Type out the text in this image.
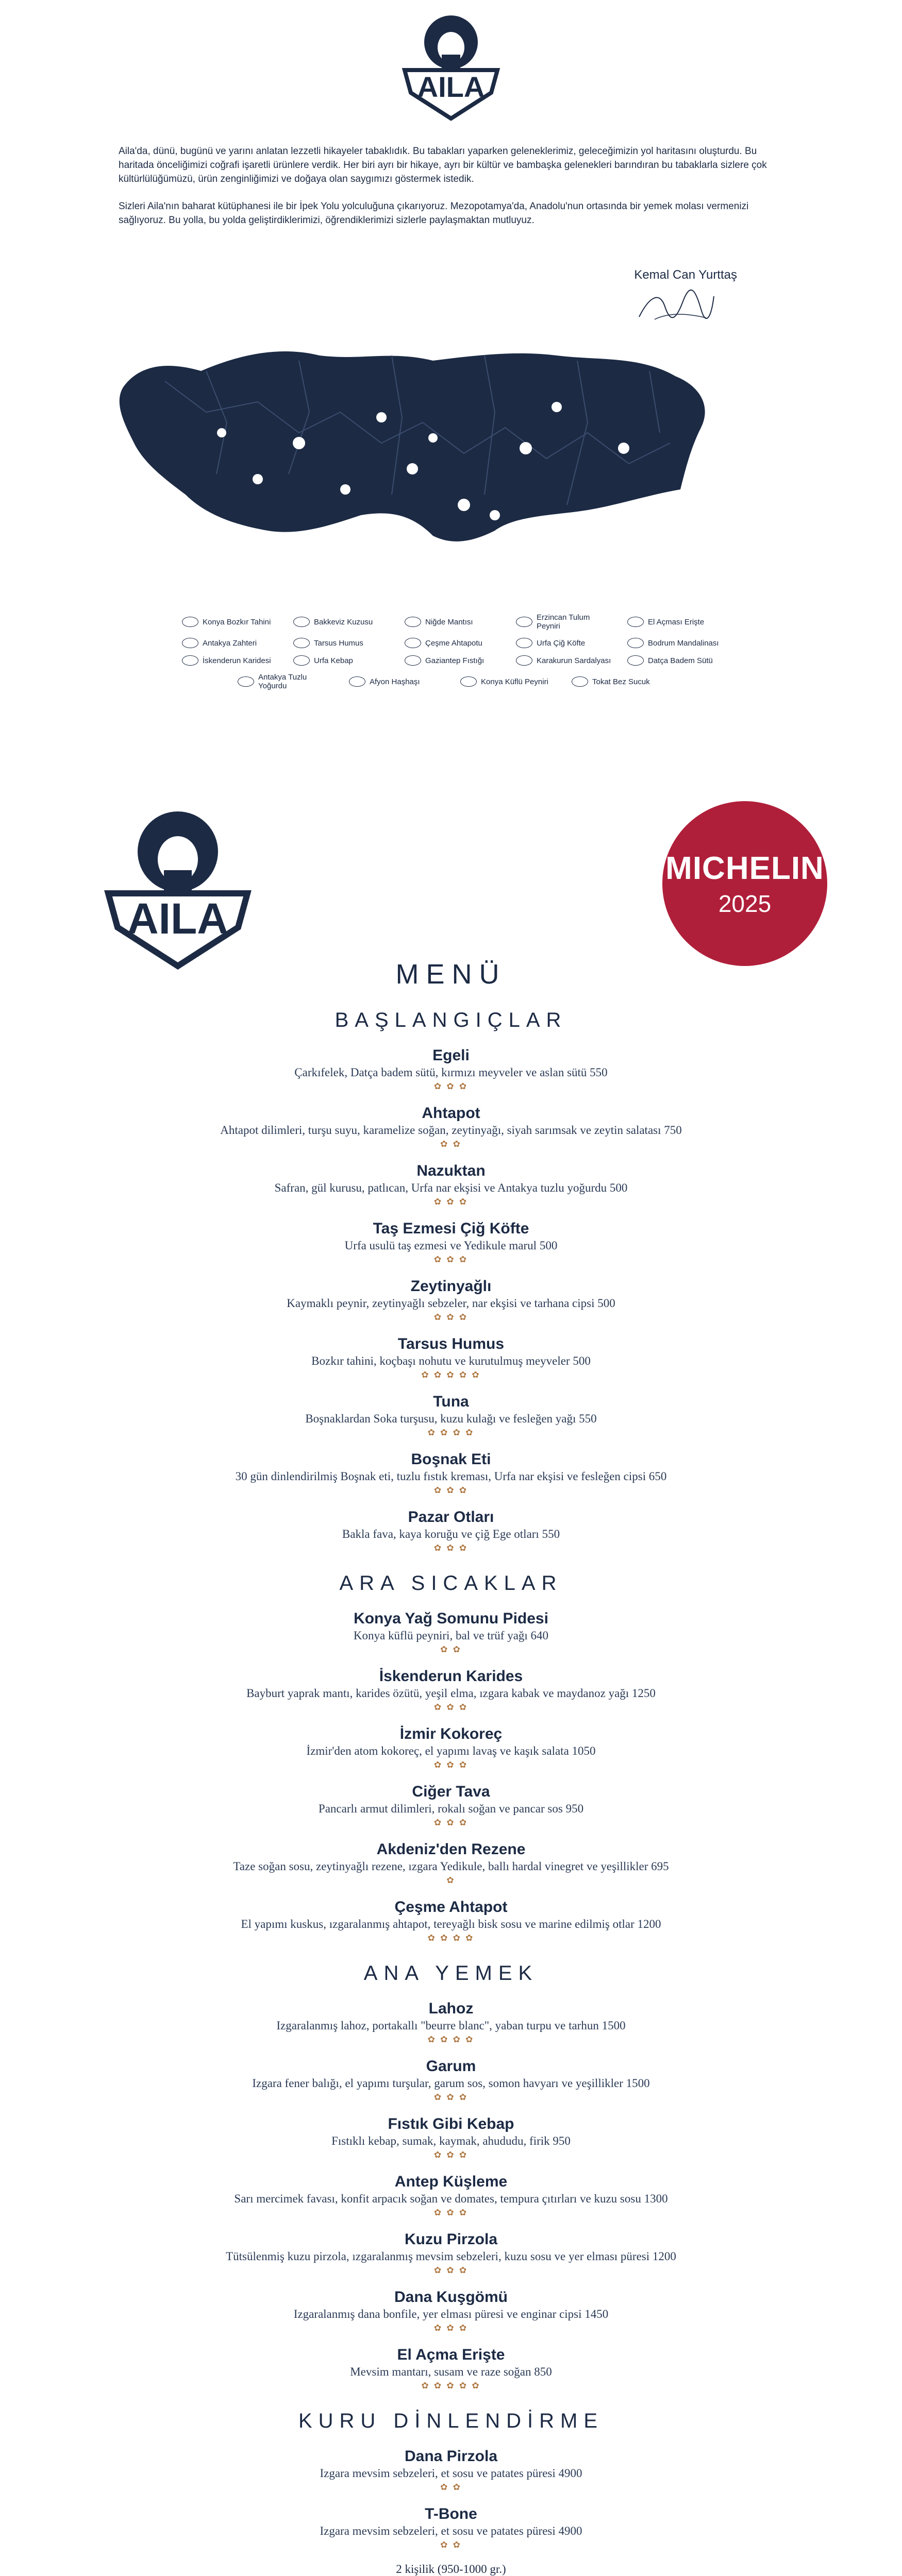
AILA

Aila'da, dünü, bugünü ve yarını anlatan lezzetli hikayeler tabaklıdık. Bu tabakları yaparken geleneklerimiz, geleceğimizin yol haritasını oluşturdu. Bu haritada önceliğimizi coğrafi işaretli ürünlere verdik. Her biri ayrı bir hikaye, ayrı bir kültür ve bambaşka gelenekleri barındıran bu tabaklarla sizlere çok kültürlülüğümüzü, ürün zenginliğimizi ve doğaya olan saygımızı göstermek istedik.

Sizleri Aila'nın baharat kütüphanesi ile bir İpek Yolu yolculuğuna çıkarıyoruz. Mezopotamya'da, Anadolu'nun ortasında bir yemek molası vermenizi sağlıyoruz. Bu yolla, bu yolda geliştirdiklerimizi, öğrendiklerimizi sizlerle paylaşmaktan mutluyuz.

Kemal Can Yurttaş
Konya Bozkır Tahini	Bakkeviz Kuzusu	Niğde Mantısı	Erzincan Tulum Peyniri	El Açması Erişte
Antakya Zahteri	Tarsus Humus	Çeşme Ahtapotu	Urfa Çiğ Köfte	Bodrum Mandalinası
İskenderun Karidesi	Urfa Kebap	Gaziantep Fıstığı	Karakurun Sardalyası	Datça Badem Sütü
Antakya Tuzlu Yoğurdu	Afyon Haşhaşı	Konya Küflü Peyniri	Tokat Bez Sucuk
AILA
MICHELIN
2025
MENÜ
BAŞLANGIÇLAR
Egeli
Çarkıfelek, Datça badem sütü, kırmızı meyveler ve aslan sütü 550
✿ ✿ ✿
Ahtapot
Ahtapot dilimleri, turşu suyu, karamelize soğan, zeytinyağı, siyah sarımsak ve zeytin salatası 750
✿ ✿
Nazuktan
Safran, gül kurusu, patlıcan, Urfa nar ekşisi ve Antakya tuzlu yoğurdu 500
✿ ✿ ✿
Taş Ezmesi Çiğ Köfte
Urfa usulü taş ezmesi ve Yedikule marul 500
✿ ✿ ✿
Zeytinyağlı
Kaymaklı peynir, zeytinyağlı sebzeler, nar ekşisi ve tarhana cipsi 500
✿ ✿ ✿
Tarsus Humus
Bozkır tahini, koçbaşı nohutu ve kurutulmuş meyveler 500
✿ ✿ ✿ ✿ ✿
Tuna
Boşnaklardan Soka turşusu, kuzu kulağı ve fesleğen yağı 550
✿ ✿ ✿ ✿
Boşnak Eti
30 gün dinlendirilmiş Boşnak eti, tuzlu fıstık kreması, Urfa nar ekşisi ve fesleğen cipsi 650
✿ ✿ ✿
Pazar Otları
Bakla fava, kaya koruğu ve çiğ Ege otları 550
✿ ✿ ✿
ARA SICAKLAR
Konya Yağ Somunu Pidesi
Konya küflü peyniri, bal ve trüf yağı 640
✿ ✿
İskenderun Karides
Bayburt yaprak mantı, karides özütü, yeşil elma, ızgara kabak ve maydanoz yağı 1250
✿ ✿ ✿
İzmir Kokoreç
İzmir'den atom kokoreç, el yapımı lavaş ve kaşık salata 1050
✿ ✿ ✿
Ciğer Tava
Pancarlı armut dilimleri, rokalı soğan ve pancar sos 950
✿ ✿ ✿
Akdeniz'den Rezene
Taze soğan sosu, zeytinyağlı rezene, ızgara Yedikule, ballı hardal vinegret ve yeşillikler 695
✿
Çeşme Ahtapot
El yapımı kuskus, ızgaralanmış ahtapot, tereyağlı bisk sosu ve marine edilmiş otlar 1200
✿ ✿ ✿ ✿
ANA YEMEK
Lahoz
Izgaralanmış lahoz, portakallı "beurre blanc", yaban turpu ve tarhun 1500
✿ ✿ ✿ ✿
Garum
Izgara fener balığı, el yapımı turşular, garum sos, somon havyarı ve yeşillikler 1500
✿ ✿ ✿
Fıstık Gibi Kebap
Fıstıklı kebap, sumak, kaymak, ahududu, firik 950
✿ ✿ ✿
Antep Küşleme
Sarı mercimek favası, konfit arpacık soğan ve domates, tempura çıtırları ve kuzu sosu 1300
✿ ✿ ✿
Kuzu Pirzola
Tütsülenmiş kuzu pirzola, ızgaralanmış mevsim sebzeleri, kuzu sosu ve yer elması püresi 1200
✿ ✿ ✿
Dana Kuşgömü
Izgaralanmış dana bonfile, yer elması püresi ve enginar cipsi 1450
✿ ✿ ✿
El Açma Erişte
Mevsim mantarı, susam ve raze soğan 850
✿ ✿ ✿ ✿ ✿
KURU DİNLENDİRME
Dana Pirzola
Izgara mevsim sebzeleri, et sosu ve patates püresi 4900
✿ ✿
T-Bone
Izgara mevsim sebzeleri, et sosu ve patates püresi 4900
✿ ✿
2 kişilik (950-1000 gr.)
